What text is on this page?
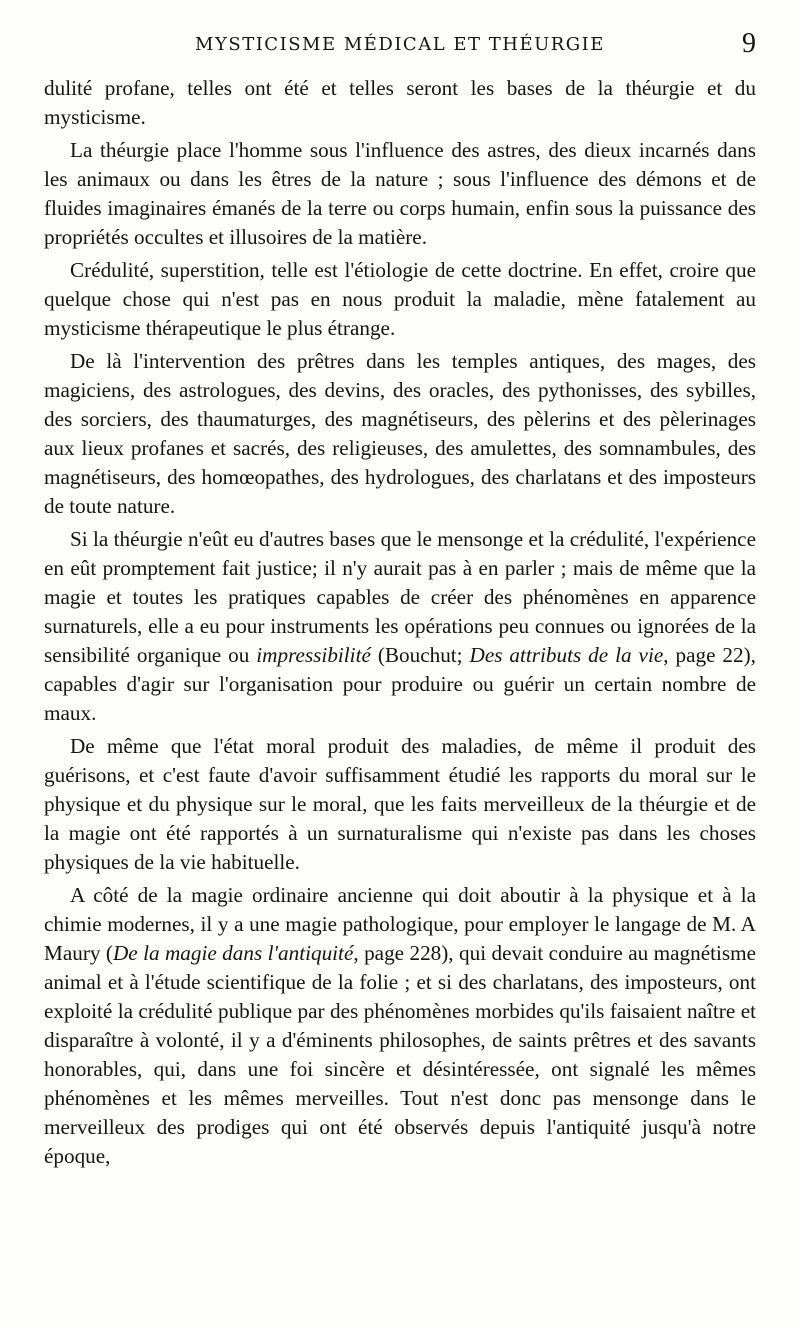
MYSTICISME MÉDICAL ET THÉURGIE	9

dulité profane, telles ont été et telles seront les bases de la théurgie et du mysticisme.

La théurgie place l'homme sous l'influence des astres, des dieux incarnés dans les animaux ou dans les êtres de la nature ; sous l'influence des démons et de fluides imaginaires émanés de la terre ou corps humain, enfin sous la puissance des propriétés occultes et illusoires de la matière.

Crédulité, superstition, telle est l'étiologie de cette doctrine. En effet, croire que quelque chose qui n'est pas en nous produit la maladie, mène fatalement au mysticisme thérapeutique le plus étrange.

De là l'intervention des prêtres dans les temples antiques, des mages, des magiciens, des astrologues, des devins, des oracles, des pythonisses, des sybilles, des sorciers, des thaumaturges, des magnétiseurs, des pèlerins et des pèlerinages aux lieux profanes et sacrés, des religieuses, des amulettes, des somnambules, des magnétiseurs, des homœopathes, des hydrologues, des charlatans et des imposteurs de toute nature.

Si la théurgie n'eût eu d'autres bases que le mensonge et la crédulité, l'expérience en eût promptement fait justice; il n'y aurait pas à en parler ; mais de même que la magie et toutes les pratiques capables de créer des phénomènes en apparence surnaturels, elle a eu pour instruments les opérations peu connues ou ignorées de la sensibilité organique ou impressibilité (Bouchut; Des attributs de la vie, page 22), capables d'agir sur l'organisation pour produire ou guérir un certain nombre de maux.

De même que l'état moral produit des maladies, de même il produit des guérisons, et c'est faute d'avoir suffisamment étudié les rapports du moral sur le physique et du physique sur le moral, que les faits merveilleux de la théurgie et de la magie ont été rapportés à un surnaturalisme qui n'existe pas dans les choses physiques de la vie habituelle.

A côté de la magie ordinaire ancienne qui doit aboutir à la physique et à la chimie modernes, il y a une magie pathologique, pour employer le langage de M. A Maury (De la magie dans l'antiquité, page 228), qui devait conduire au magnétisme animal et à l'étude scientifique de la folie ; et si des charlatans, des imposteurs, ont exploité la crédulité publique par des phénomènes morbides qu'ils faisaient naître et disparaître à volonté, il y a d'éminents philosophes, de saints prêtres et des savants honorables, qui, dans une foi sincère et désintéressée, ont signalé les mêmes phénomènes et les mêmes merveilles. Tout n'est donc pas mensonge dans le merveilleux des prodiges qui ont été observés depuis l'antiquité jusqu'à notre époque,
